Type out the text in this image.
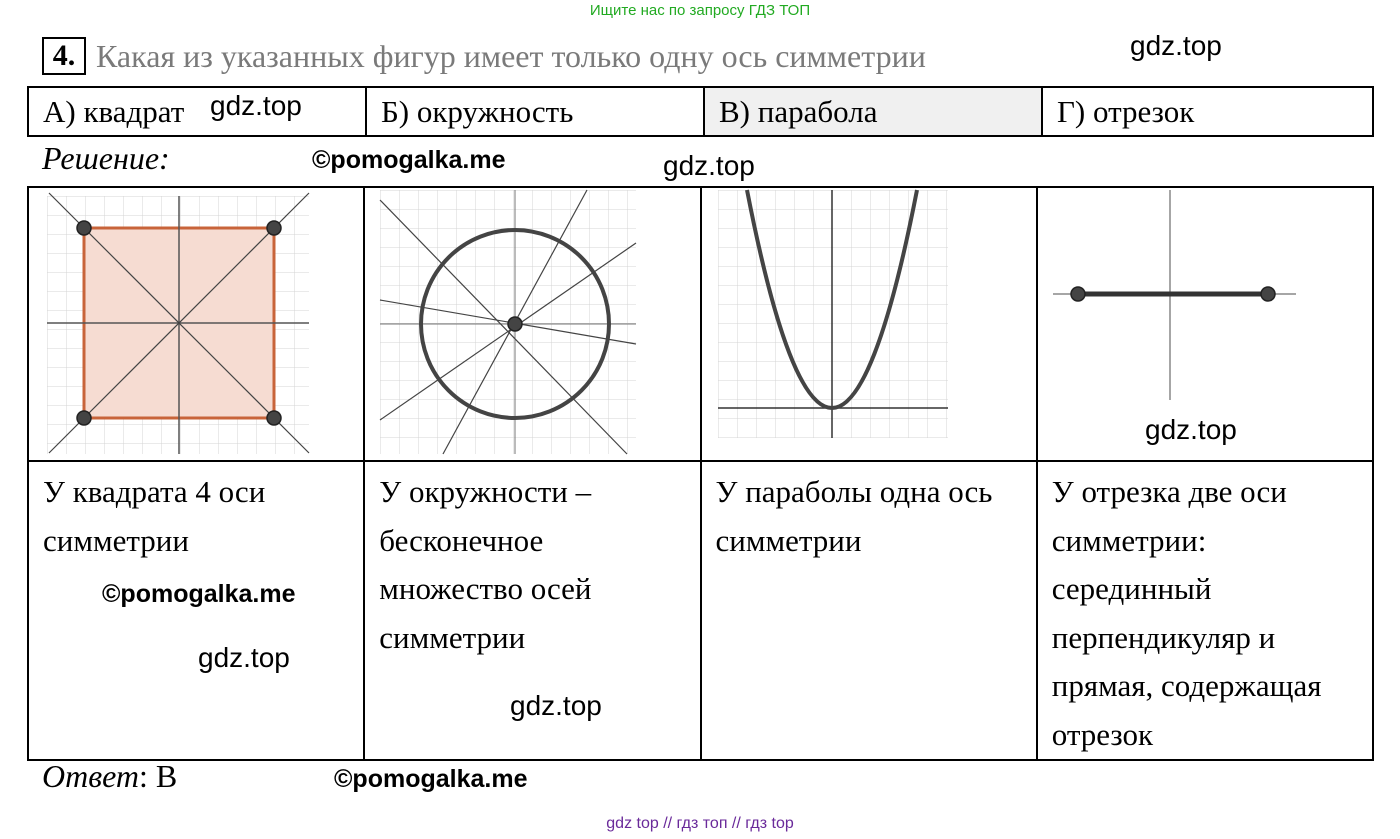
Ищите нас по запросу ГДЗ ТОП
4. Какая из указанных фигур имеет только одну ось симметрии	gdz.top
А) квадрат	Б) окружность	В) парабола	Г) отрезок
gdz.top
Решение:	©pomogalka.me

У квадрата 4 оси симметрии	У окружности – бесконечное множество осей симметрии	У параболы одна ось симметрии	У отрезка две оси симметрии: серединный перпендикуляр и прямая, содержащая отрезок
gdz.top
gdz.top
©pomogalka.me
gdz.top
gdz.top
Ответ: В	©pomogalka.me
gdz top // гдз топ // гдз top
